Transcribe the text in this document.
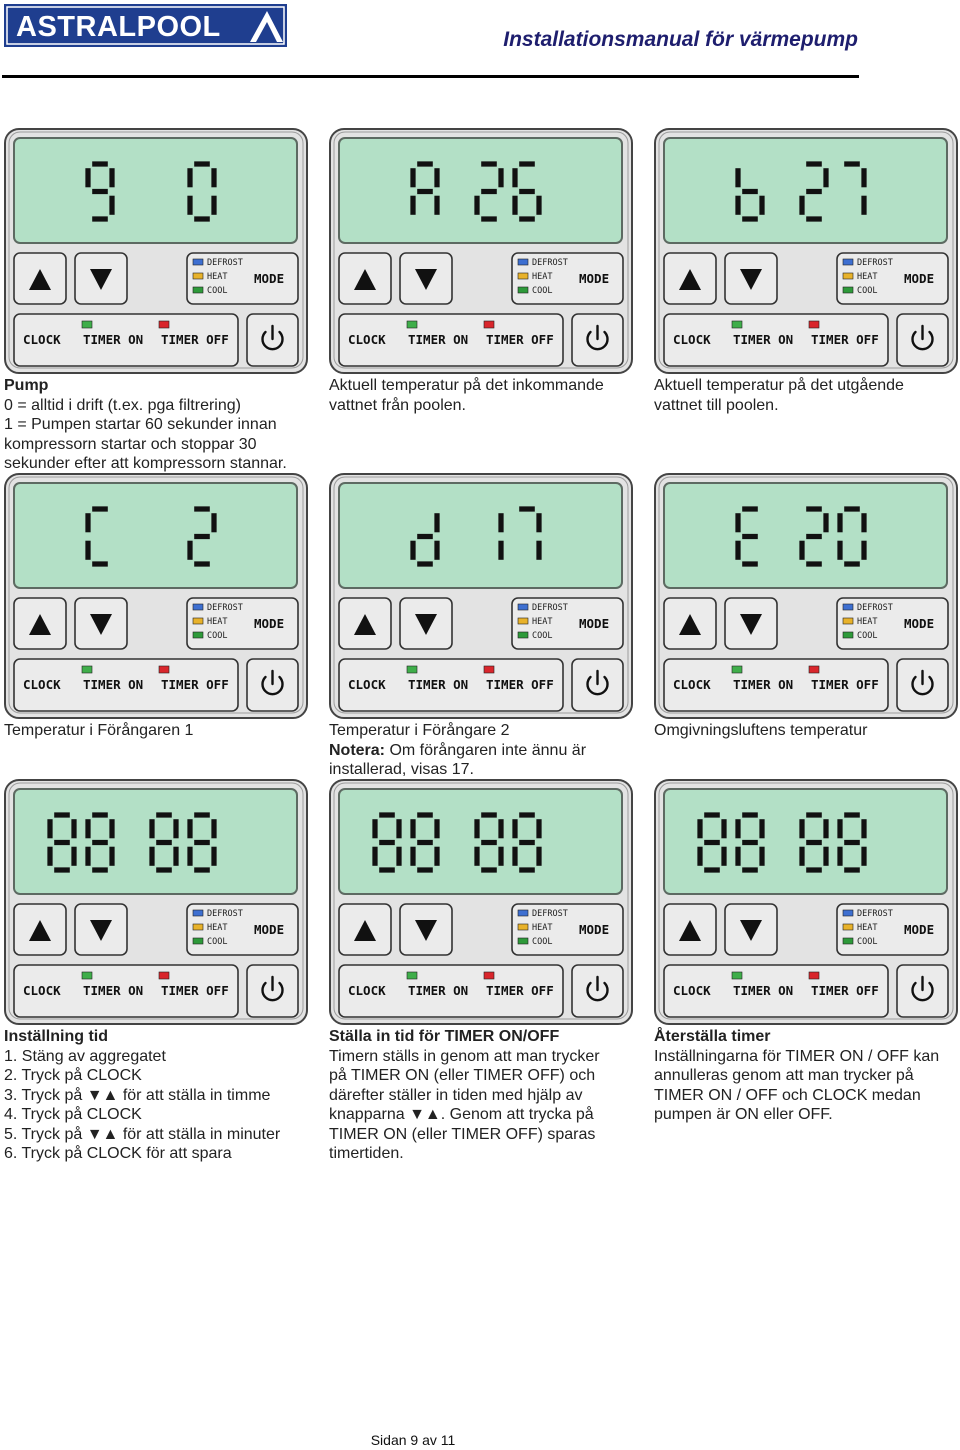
ASTRALPOOL	Installationsmanual för värmepump
DEFROST
HEAT
COOL
MODE
CLOCK TIMER ON TIMER OFF
DEFROST
HEAT
COOL
MODE
CLOCK TIMER ON TIMER OFF
DEFROST
HEAT
COOL
MODE
CLOCK TIMER ON TIMER OFF
DEFROST
HEAT
COOL
MODE
CLOCK TIMER ON TIMER OFF
DEFROST
HEAT
COOL
MODE
CLOCK TIMER ON TIMER OFF
DEFROST
HEAT
COOL
MODE
CLOCK TIMER ON TIMER OFF
DEFROST
HEAT
COOL
MODE
CLOCK TIMER ON TIMER OFF
DEFROST
HEAT
COOL
MODE
CLOCK TIMER ON TIMER OFF
DEFROST
HEAT
COOL
MODE
CLOCK TIMER ON TIMER OFF
Pump
0 = alltid i drift (t.ex. pga filtrering)
1 = Pumpen startar 60 sekunder innan
kompressorn startar och stoppar 30
sekunder efter att kompressorn stannar.
Aktuell temperatur på det inkommande
vattnet från poolen.
Aktuell temperatur på det utgående
vattnet till poolen.
Temperatur i Förångaren 1	Temperatur i Förångare 2
Notera: Om förångaren inte ännu är
installerad, visas 17.
Omgivningsluftens temperatur
Inställning tid
1. Stäng av aggregatet
2. Tryck på CLOCK
3. Tryck på ▼▲ för att ställa in timme
4. Tryck på CLOCK
5. Tryck på ▼▲ för att ställa in minuter
6. Tryck på CLOCK för att spara
Ställa in tid för TIMER ON/OFF
Timern ställs in genom att man trycker
på TIMER ON (eller TIMER OFF) och
därefter ställer in tiden med hjälp av
knapparna ▼▲. Genom att trycka på
TIMER ON (eller TIMER OFF) sparas
timertiden.
Återställa timer
Inställningarna för TIMER ON / OFF kan
annulleras genom att man trycker på
TIMER ON / OFF och CLOCK medan
pumpen är ON eller OFF.
Sidan 9 av 11
